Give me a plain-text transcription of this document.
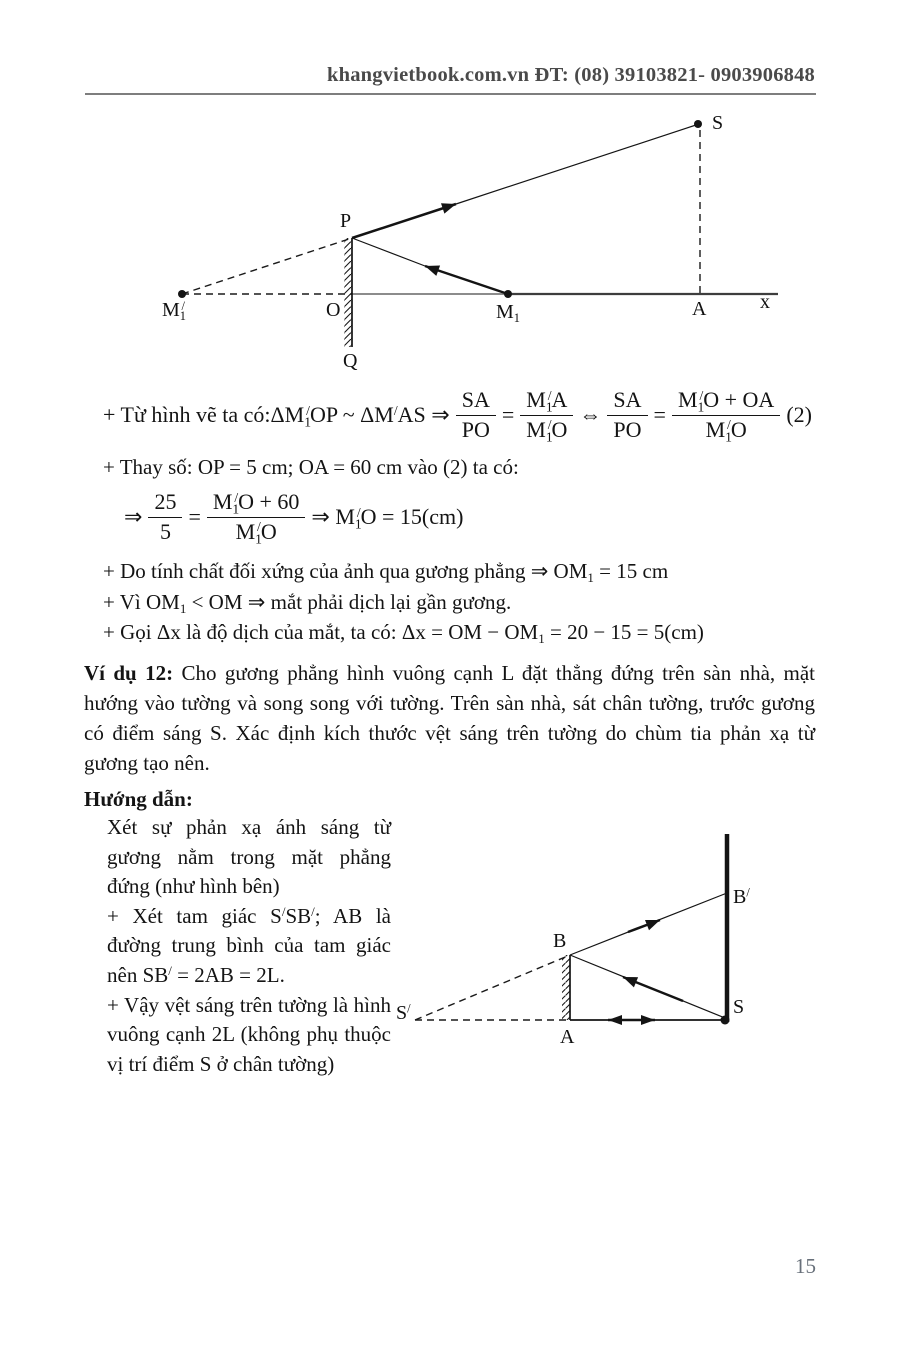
khangvietbook.com.vn ĐT: (08) 39103821- 0903906848
S
P
O
Q
$M_1$
$M_1^/$	A	x
+ Từ hình vẽ ta có: $\Delta M_1^/OP$ ~ ΔM/AS ⇒ $\frac{SA}{PO} = \frac{M_1^/A}{M_1^/O}$ ⇔ $\frac{SA}{PO} = \frac{M_1^/O + OA}{M_1^/O} (2)$
+ Thay số: OP = 5 cm; OA = 60 cm vào (2) ta có:
⇒ $\frac{25}{5} = \frac{M_1^/O + 60}{M_1^/O}$ ⇒ $M_1^/O = 15(cm)$
+ Do tính chất đối xứng của ảnh qua gương phẳng ⇒ $OM_1 = 15$ cm
+ Vì $OM_1$ < OM ⇒ mắt phải dịch lại gần gương.
+ Gọi Δx là độ dịch của mắt, ta có: Δx = OM − $OM_1 = 20 - 15 = 5(cm)$
Ví dụ 12: Cho gương phẳng hình vuông cạnh L đặt thẳng đứng trên sàn nhà, mặt hướng vào tường và song song với tường. Trên sàn nhà, sát chân tường, trước gương có điểm sáng S. Xác định kích thước vệt sáng trên tường do chùm tia phản xạ từ gương tạo nên.
Hướng dẫn:
Xét sự phản xạ ánh sáng từ gương nằm trong mặt phẳng đứng (như hình bên)
+ Xét tam giác S/SB/; AB là đường trung bình của tam giác nên SB/ = 2AB = 2L.
+ Vậy vệt sáng trên tường là hình vuông cạnh 2L (không phụ thuộc vị trí điểm S ở chân tường)
S/
A
B
B/
S
15
